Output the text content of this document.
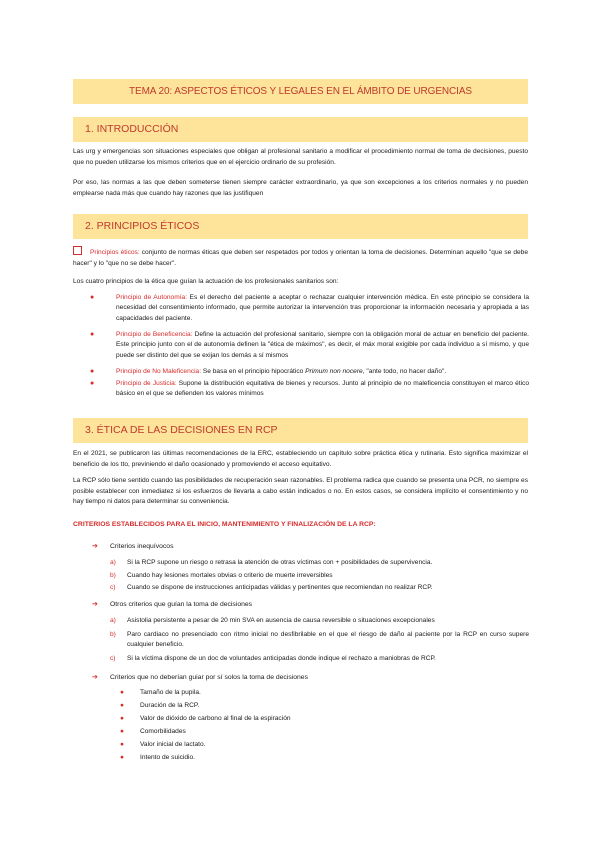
TEMA 20: ASPECTOS ÉTICOS Y LEGALES EN EL ÁMBITO DE URGENCIAS
1. INTRODUCCIÓN

Las urg y emergencias son situaciones especiales que obligan al profesional sanitario a modificar el procedimiento normal de toma de decisiones, puesto que no pueden utilizarse los mismos criterios que en el ejercicio ordinario de su profesión.

Por eso, las normas a las que deben someterse tienen siempre carácter extraordinario, ya que son excepciones a los criterios normales y no pueden emplearse nada más que cuando hay razones que las justifiquen

2. PRINCIPIOS ÉTICOS

Principios éticos: conjunto de normas éticas que deben ser respetados por todos y orientan la toma de decisiones. Determinan aquello "que se debe hacer" y lo "que no se debe hacer".

Los cuatro principios de la ética que guían la actuación de los profesionales sanitarios son:

●	Principio de Autonomía: Es el derecho del paciente a aceptar o rechazar cualquier intervención médica. En este principio se considera la necesidad del consentimiento informado, que permite autorizar la intervención tras proporcionar la información necesaria y apropiada a las capacidades del paciente.
●	Principio de Beneficencia: Define la actuación del profesional sanitario, siempre con la obligación moral de actuar en beneficio del paciente. Este principio junto con el de autonomía definen la "ética de máximos", es decir, el máx moral exigible por cada individuo a sí mismo, y que puede ser distinto del que se exijan los demás a sí mismos
●	Principio de No Maleficencia: Se basa en el principio hipocrático Primum non nocere, "ante todo, no hacer daño".
●	Principio de Justicia: Supone la distribución equitativa de bienes y recursos. Junto al principio de no maleficencia constituyen el marco ético básico en el que se defienden los valores mínimos
3. ÉTICA DE LAS DECISIONES EN RCP

En el 2021, se publicaron las últimas recomendaciones de la ERC, estableciendo un capítulo sobre práctica ética y rutinaria. Esto significa maximizar el beneficio de los tto, previniendo el daño ocasionado y promoviendo el acceso equitativo.

La RCP sólo tiene sentido cuando las posibilidades de recuperación sean razonables. El problema radica que cuando se presenta una PCR, no siempre es posible establecer con inmediatez si los esfuerzos de llevarla a cabo están indicados o no. En estos casos, se considera implícito el consentimiento y no hay tiempo ni datos para determinar su conveniencia.

CRITERIOS ESTABLECIDOS PARA EL INICIO, MANTENIMIENTO Y FINALIZACIÓN DE LA RCP:
➔ Criterios inequívocos
a) Si la RCP supone un riesgo o retrasa la atención de otras víctimas con + posibilidades de supervivencia.
b) Cuando hay lesiones mortales obvias o criterio de muerte irreversibles
c) Cuando se dispone de instrucciones anticipadas válidas y pertinentes que recomiendan no realizar RCP.
➔ Otros criterios que guían la toma de decisiones
a) Asistolia persistente a pesar de 20 min SVA en ausencia de causa reversible o situaciones excepcionales
b) Paro cardiaco no presenciado con ritmo inicial no desfibrilable en el que el riesgo de daño al paciente por la RCP en curso supere cualquier beneficio.
c) Si la víctima dispone de un doc de voluntades anticipadas donde indique el rechazo a maniobras de RCP.
➔ Criterios que no deberían guiar por sí solos la toma de decisiones
● Tamaño de la pupila.
● Duración de la RCP.
● Valor de dióxido de carbono al final de la espiración
● Comorbilidades
● Valor inicial de lactato.
● Intento de suicidio.
